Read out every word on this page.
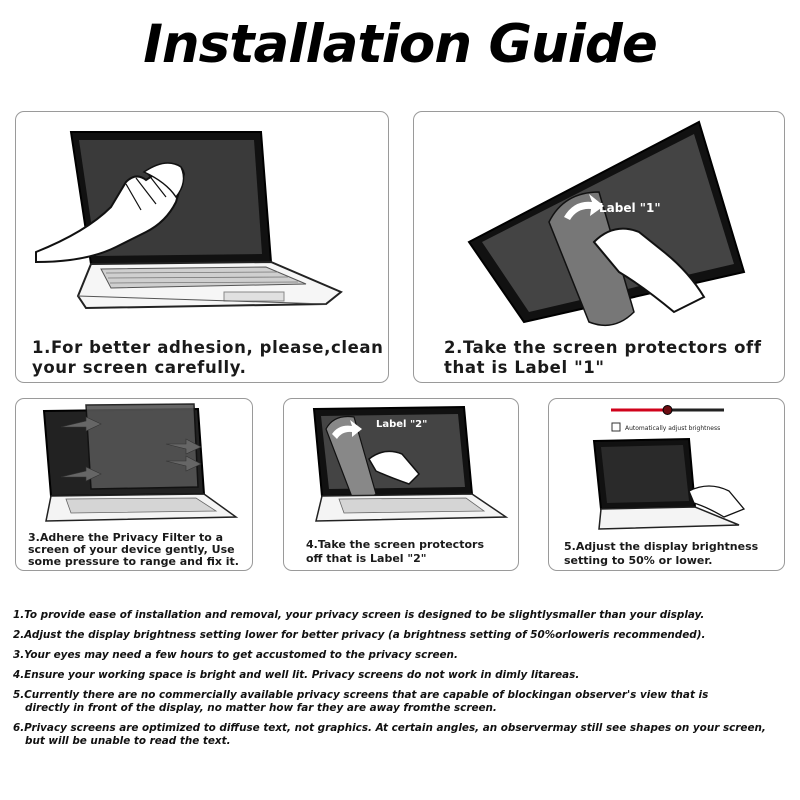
Installation Guide
1.For better adhesion, please,clean
your screen carefully.
Label "1"
2.Take the screen protectors off
that is Label "1"
3.Adhere the Privacy Filter to a
screen of your device gently, Use
some pressure to range and fix it.
Label "2"
4.Take the screen protectors
off that is Label "2"
Automatically adjust brightness
5.Adjust the display brightness
setting to 50% or lower.
1.To provide ease of installation and removal, your privacy screen is designed to be slightlysmaller than your display.
2.Adjust the display brightness setting lower for better privacy (a brightness setting of 50%orloweris recommended).
3.Your eyes may need a few hours to get accustomed to the privacy screen.
4.Ensure your working space is bright and well lit. Privacy screens do not work in dimly litareas.
5.Currently there are no commercially available privacy screens that are capable of blockingan observer's view that is
directly in front of the display, no matter how far they are away fromthe screen.
6.Privacy screens are optimized to diffuse text, not graphics. At certain angles, an observermay still see shapes on your screen,
but will be unable to read the text.
